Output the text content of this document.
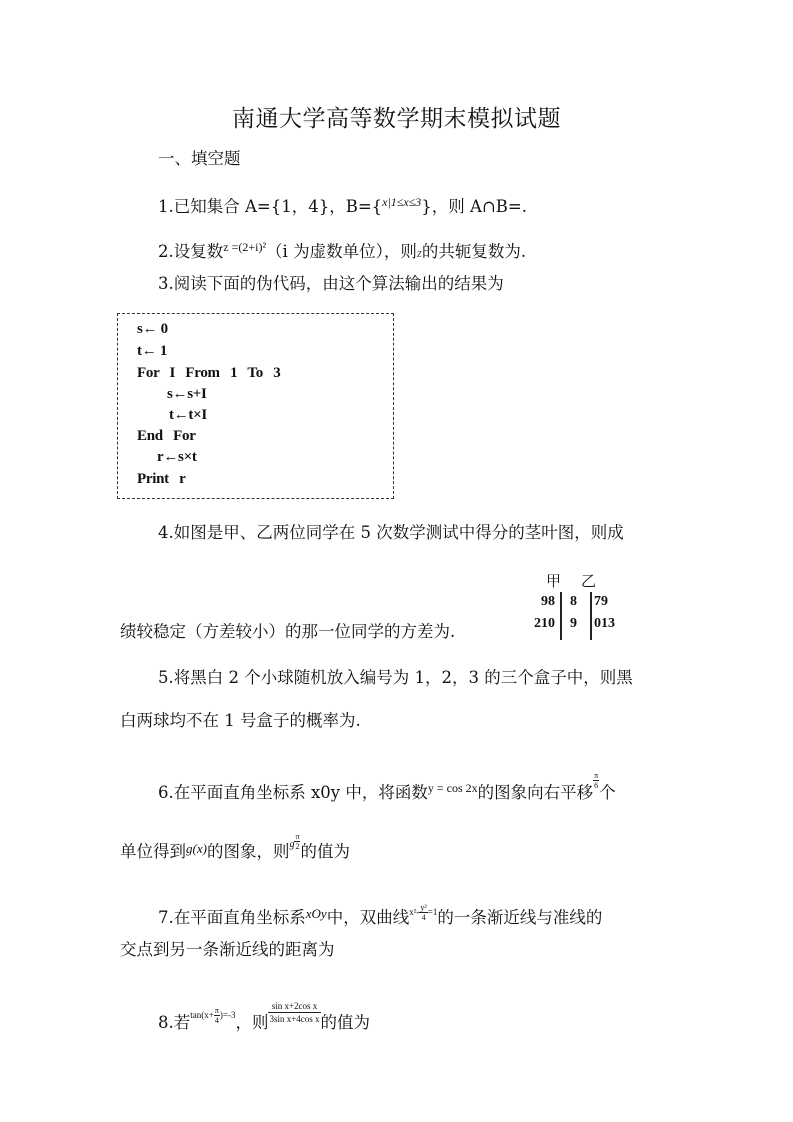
南通大学高等数学期末模拟试题
一、填空题
1.已知集合 A={1，4}，B={$^{x|1\le x\le 3}$}，则 A∩B=.
2.设复数$^{z =(2+i)^2}$（i 为虚数单位），则z的共轭复数为.
3.阅读下面的伪代码，由这个算法输出的结果为
s← 0
t← 1
For   I   From   1   To   3
s←s+I
t←t×I
End   For
r←s×t
Print   r
4.如图是甲、乙两位同学在 5 次数学测试中得分的茎叶图，则成
绩较稳定（方差较小）的那一位同学的方差为.
甲 乙
98 8 79
210 9 013
5.将黑白 2 个小球随机放入编号为 1，2，3 的三个盒子中，则黑
白两球均不在 1 号盒子的概率为.
6.在平面直角坐标系 x0y 中，将函数$^{y = cos 2x}$的图象向右平移
$\frac{\pi}{6}$
个
单位得到$^{g(x)}$的图象，则$^g \frac{\pi}{2}$
的值为
7.在平面直角坐标系$^{xOy}$中，双曲线$x^2- \frac{\text{y²}}{4} =1$的一条渐近线与准线的
交点到另一条渐近线的距离为
8.若$\tan(x+ \frac{\pi}{4} )=-3$，则 $\frac{\text{sin x+2cos x}}{\text{3sin x+4cos x}}$ 的值为
